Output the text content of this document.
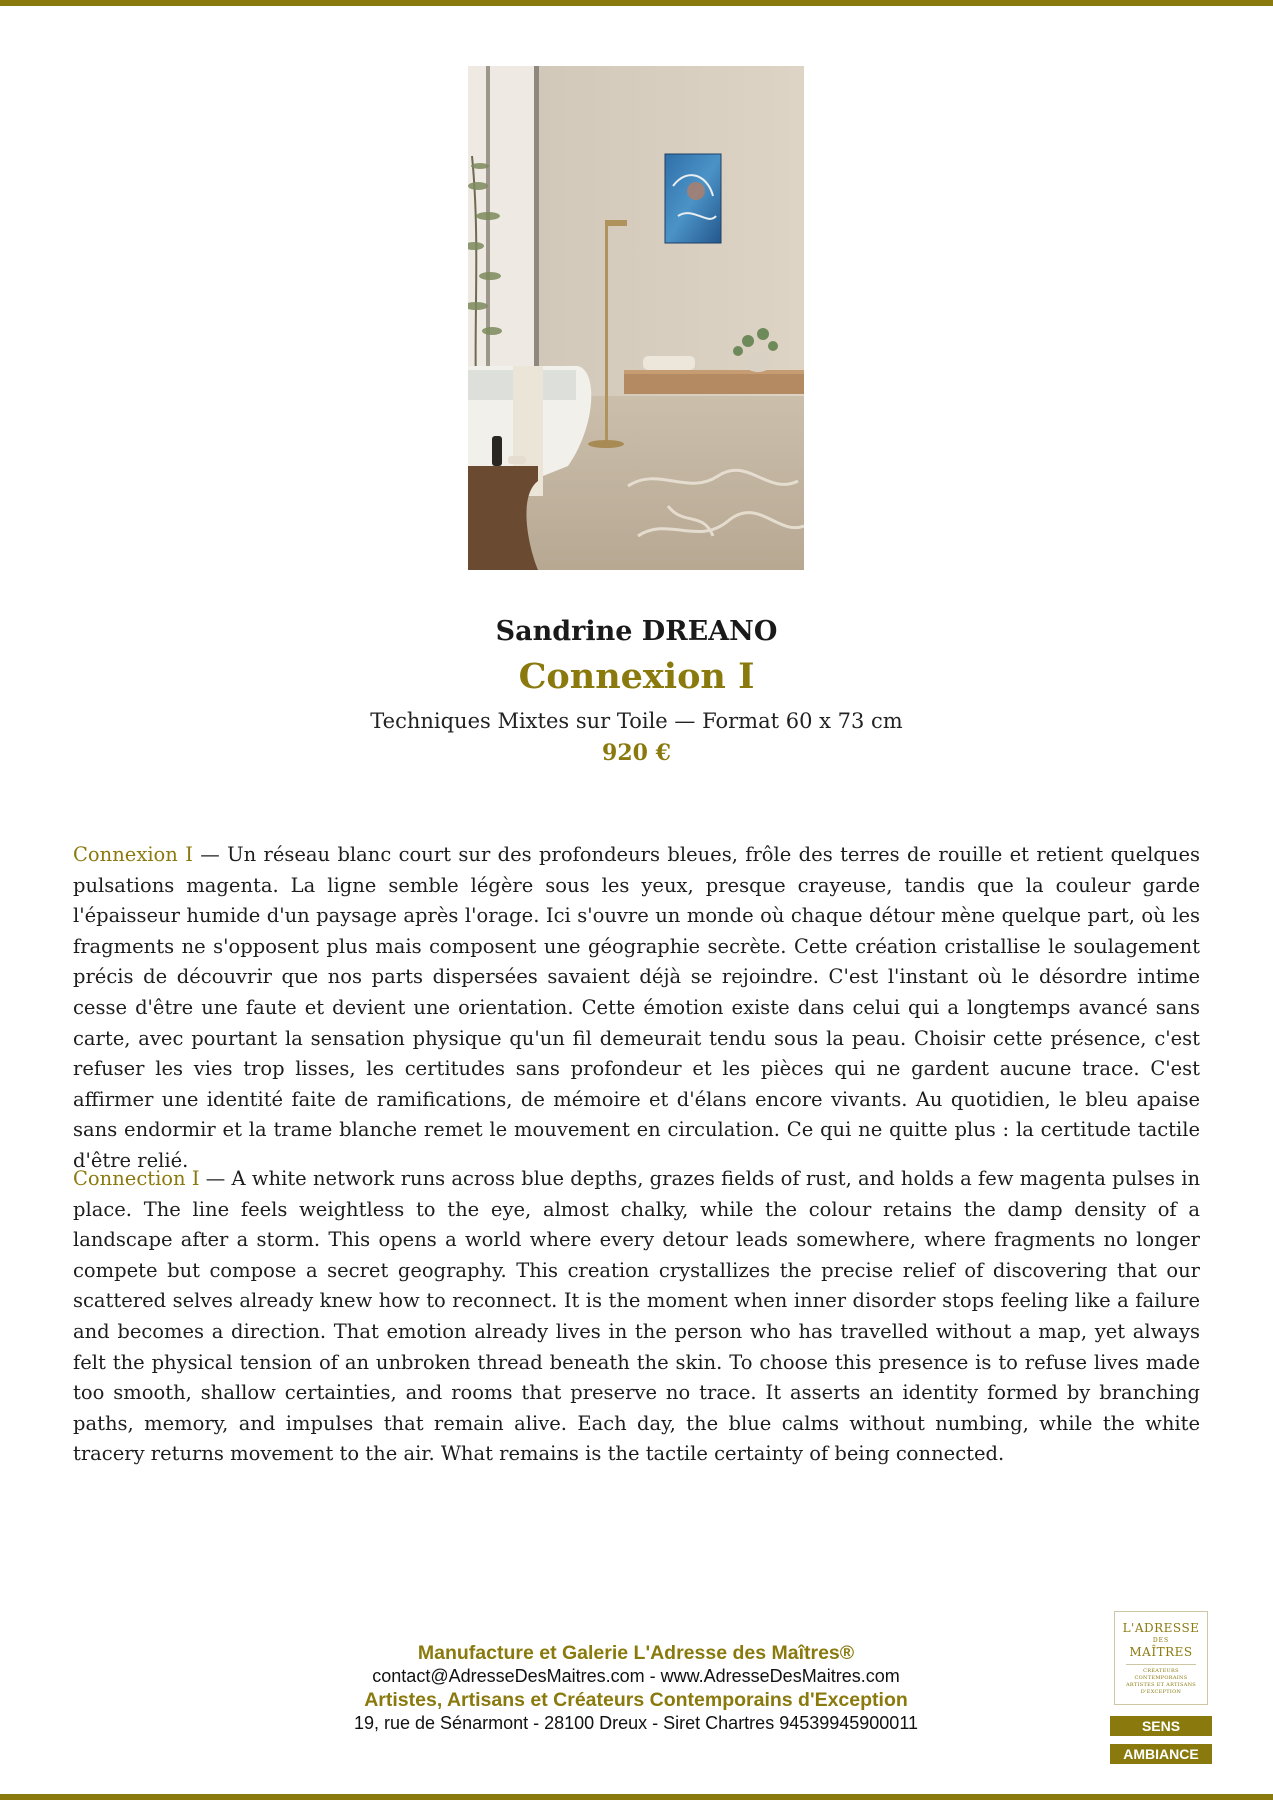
Sandrine DREANO
Connexion I
Techniques Mixtes sur Toile — Format 60 x 73 cm
920 €

Connexion I — Un réseau blanc court sur des profondeurs bleues, frôle des terres de rouille et retient quelques pulsations magenta. La ligne semble légère sous les yeux, presque crayeuse, tandis que la couleur garde l'épaisseur humide d'un paysage après l'orage. Ici s'ouvre un monde où chaque détour mène quelque part, où les fragments ne s'opposent plus mais composent une géographie secrète. Cette création cristallise le soulagement précis de découvrir que nos parts dispersées savaient déjà se rejoindre. C'est l'instant où le désordre intime cesse d'être une faute et devient une orientation. Cette émotion existe dans celui qui a longtemps avancé sans carte, avec pourtant la sensation physique qu'un fil demeurait tendu sous la peau. Choisir cette présence, c'est refuser les vies trop lisses, les certitudes sans profondeur et les pièces qui ne gardent aucune trace. C'est affirmer une identité faite de ramifications, de mémoire et d'élans encore vivants. Au quotidien, le bleu apaise sans endormir et la trame blanche remet le mouvement en circulation. Ce qui ne quitte plus : la certitude tactile d'être relié.

Connection I — A white network runs across blue depths, grazes fields of rust, and holds a few magenta pulses in place. The line feels weightless to the eye, almost chalky, while the colour retains the damp density of a landscape after a storm. This opens a world where every detour leads somewhere, where fragments no longer compete but compose a secret geography. This creation crystallizes the precise relief of discovering that our scattered selves already knew how to reconnect. It is the moment when inner disorder stops feeling like a failure and becomes a direction. That emotion already lives in the person who has travelled without a map, yet always felt the physical tension of an unbroken thread beneath the skin. To choose this presence is to refuse lives made too smooth, shallow certainties, and rooms that preserve no trace. It asserts an identity formed by branching paths, memory, and impulses that remain alive. Each day, the blue calms without numbing, while the white tracery returns movement to the air. What remains is the tactile certainty of being connected.

Manufacture et Galerie L'Adresse des Maîtres®
contact@AdresseDesMaitres.com - www.AdresseDesMaitres.com
Artistes, Artisans et Créateurs Contemporains d'Exception
19, rue de Sénarmont - 28100 Dreux - Siret Chartres 94539945900011
L'ADRESSE
DES
MAÎTRES
CRÉATEURS CONTEMPORAINS ARTISTES ET ARTISANS D'EXCEPTION
SENS
AMBIANCE
